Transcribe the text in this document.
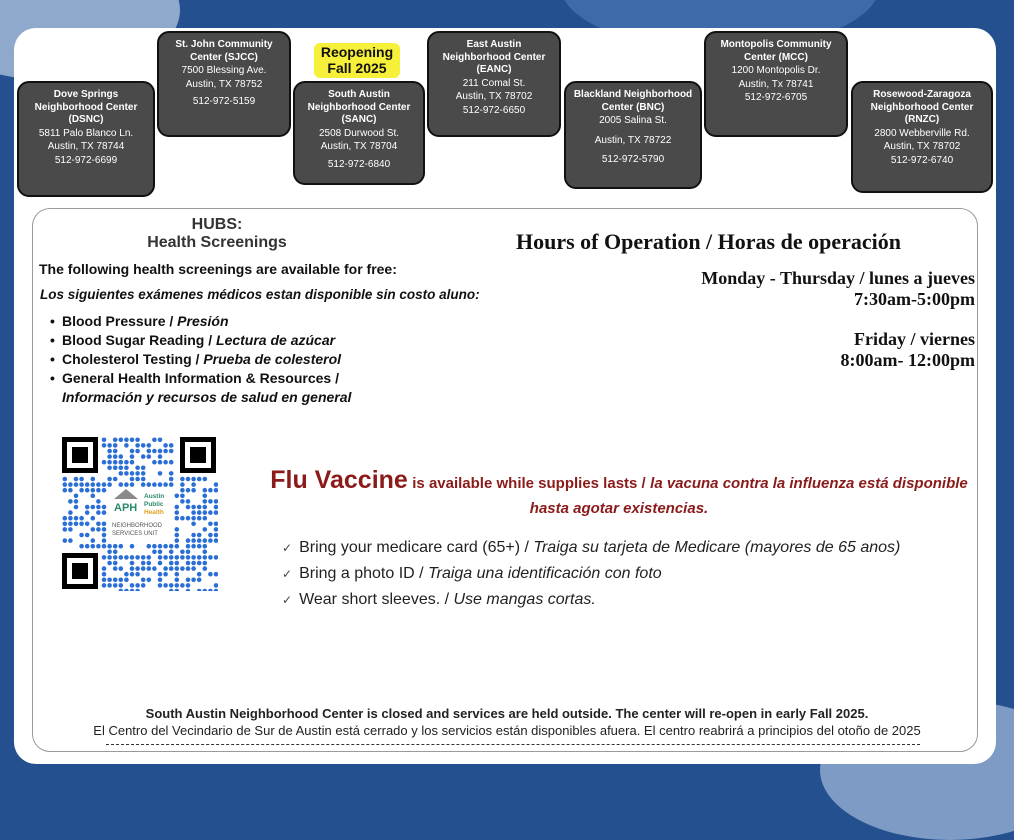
Dove Springs Neighborhood Center (DSNC)
5811 Palo Blanco Ln.
Austin, TX 78744
512-972-6699
St. John Community Center (SJCC)
7500 Blessing Ave.
Austin, TX 78752
512-972-5159
South Austin Neighborhood Center (SANC)
2508 Durwood St.
Austin, TX 78704
512-972-6840
East Austin Neighborhood Center (EANC)
211 Comal St.
Austin, TX 78702
512-972-6650
Blackland Neighborhood Center (BNC)
2005 Salina St.
Austin, TX 78722
512-972-5790
Montopolis Community Center (MCC)
1200 Montopolis Dr.
Austin, Tx 78741
512-972-6705	Rosewood-Zaragoza Neighborhood Center (RNZC)
2800 Webberville Rd.
Austin, TX 78702
512-972-6740
Reopening
Fall 2025
HUBS:
Health Screenings
The following health screenings are available for free:
Los siguientes exámenes médicos estan disponible sin costo aluno:
• Blood Pressure / Presión
• Blood Sugar Reading / Lectura de azúcar
• Cholesterol Testing / Prueba de colesterol
• General Health Information & Resources /
Información y recursos de salud en general
Hours of Operation / Horas de operación
Monday - Thursday / lunes a jueves
7:30am-5:00pm
Friday / viernes
8:00am- 12:00pm
APH
Austin
Public
Health
NEIGHBORHOOD
SERVICES UNIT
Flu Vaccine is available while supplies lasts / la vacuna contra la influenza está disponible hasta agotar existencias.
✓ Bring your medicare card (65+) / Traiga su tarjeta de Medicare (mayores de 65 anos)
✓ Bring a photo ID / Traiga una identificación con foto
✓ Wear short sleeves. / Use mangas cortas.
South Austin Neighborhood Center is closed and services are held outside. The center will re-open in early Fall 2025.
El Centro del Vecindario de Sur de Austin está cerrado y los servicios están disponibles afuera. El centro reabrirá a principios del otoño de 2025
